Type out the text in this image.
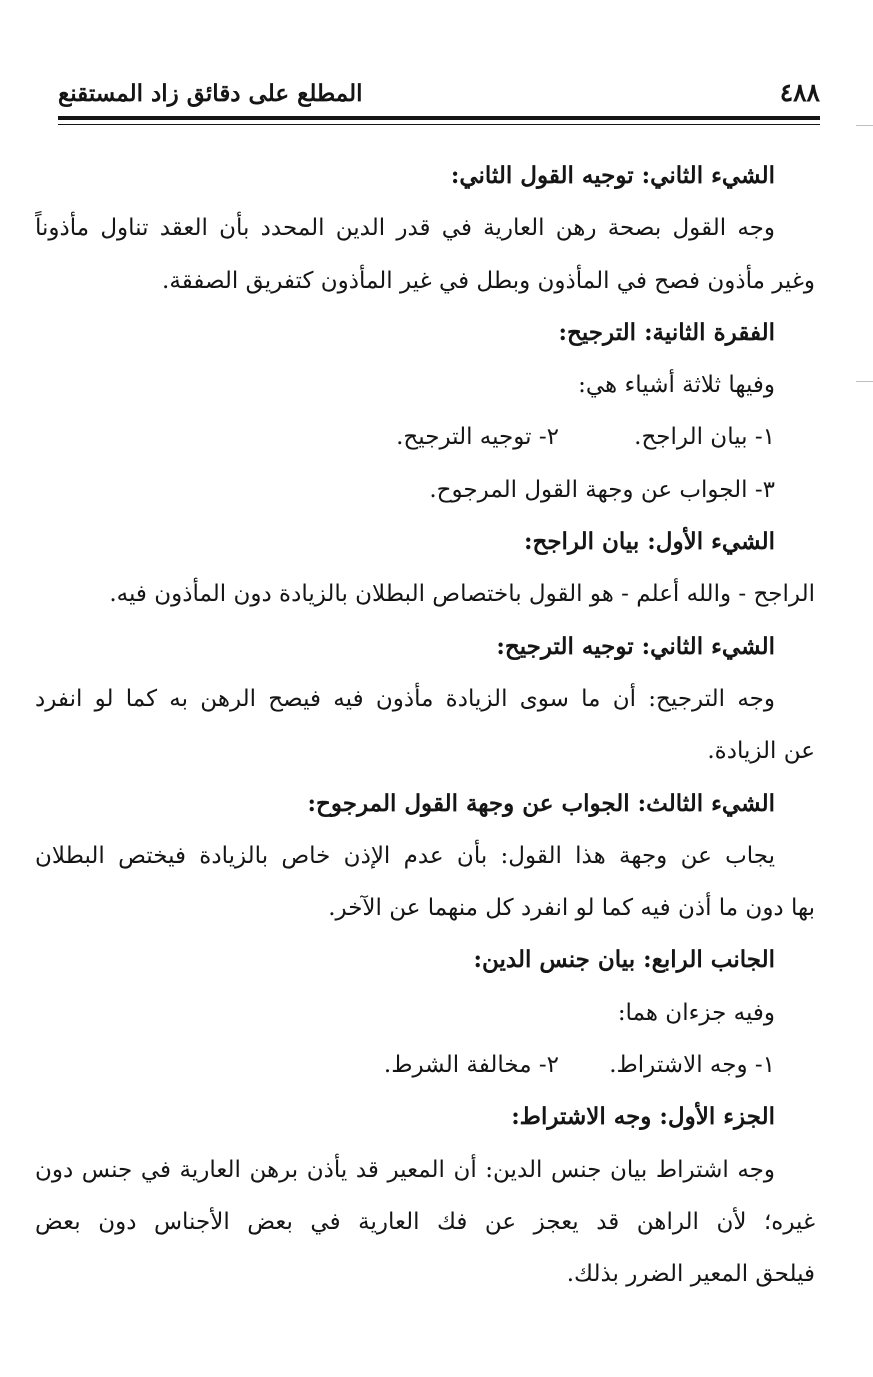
٤٨٨
المطلع على دقائق زاد المستقنع
الشيء الثاني: توجيه القول الثاني:
وجه القول بصحة رهن العارية في قدر الدين المحدد بأن العقد تناول مأذوناً
وغير مأذون فصح في المأذون وبطل في غير المأذون كتفريق الصفقة.
الفقرة الثانية: الترجيح:
وفيها ثلاثة أشياء هي:
١- بيان الراجح.
٢- توجيه الترجيح.
٣- الجواب عن وجهة القول المرجوح.
الشيء الأول: بيان الراجح:
الراجح - والله أعلم - هو القول باختصاص البطلان بالزيادة دون المأذون فيه.
الشيء الثاني: توجيه الترجيح:
وجه الترجيح: أن ما سوى الزيادة مأذون فيه فيصح الرهن به كما لو انفرد
عن الزيادة.
الشيء الثالث: الجواب عن وجهة القول المرجوح:
يجاب عن وجهة هذا القول: بأن عدم الإذن خاص بالزيادة فيختص البطلان
بها دون ما أذن فيه كما لو انفرد كل منهما عن الآخر.
الجانب الرابع: بيان جنس الدين:
وفيه جزءان هما:
١- وجه الاشتراط.
٢- مخالفة الشرط.
الجزء الأول: وجه الاشتراط:
وجه اشتراط بيان جنس الدين: أن المعير قد يأذن برهن العارية في جنس دون
غيره؛ لأن الراهن قد يعجز عن فك العارية في بعض الأجناس دون بعض
فيلحق المعير الضرر بذلك.
